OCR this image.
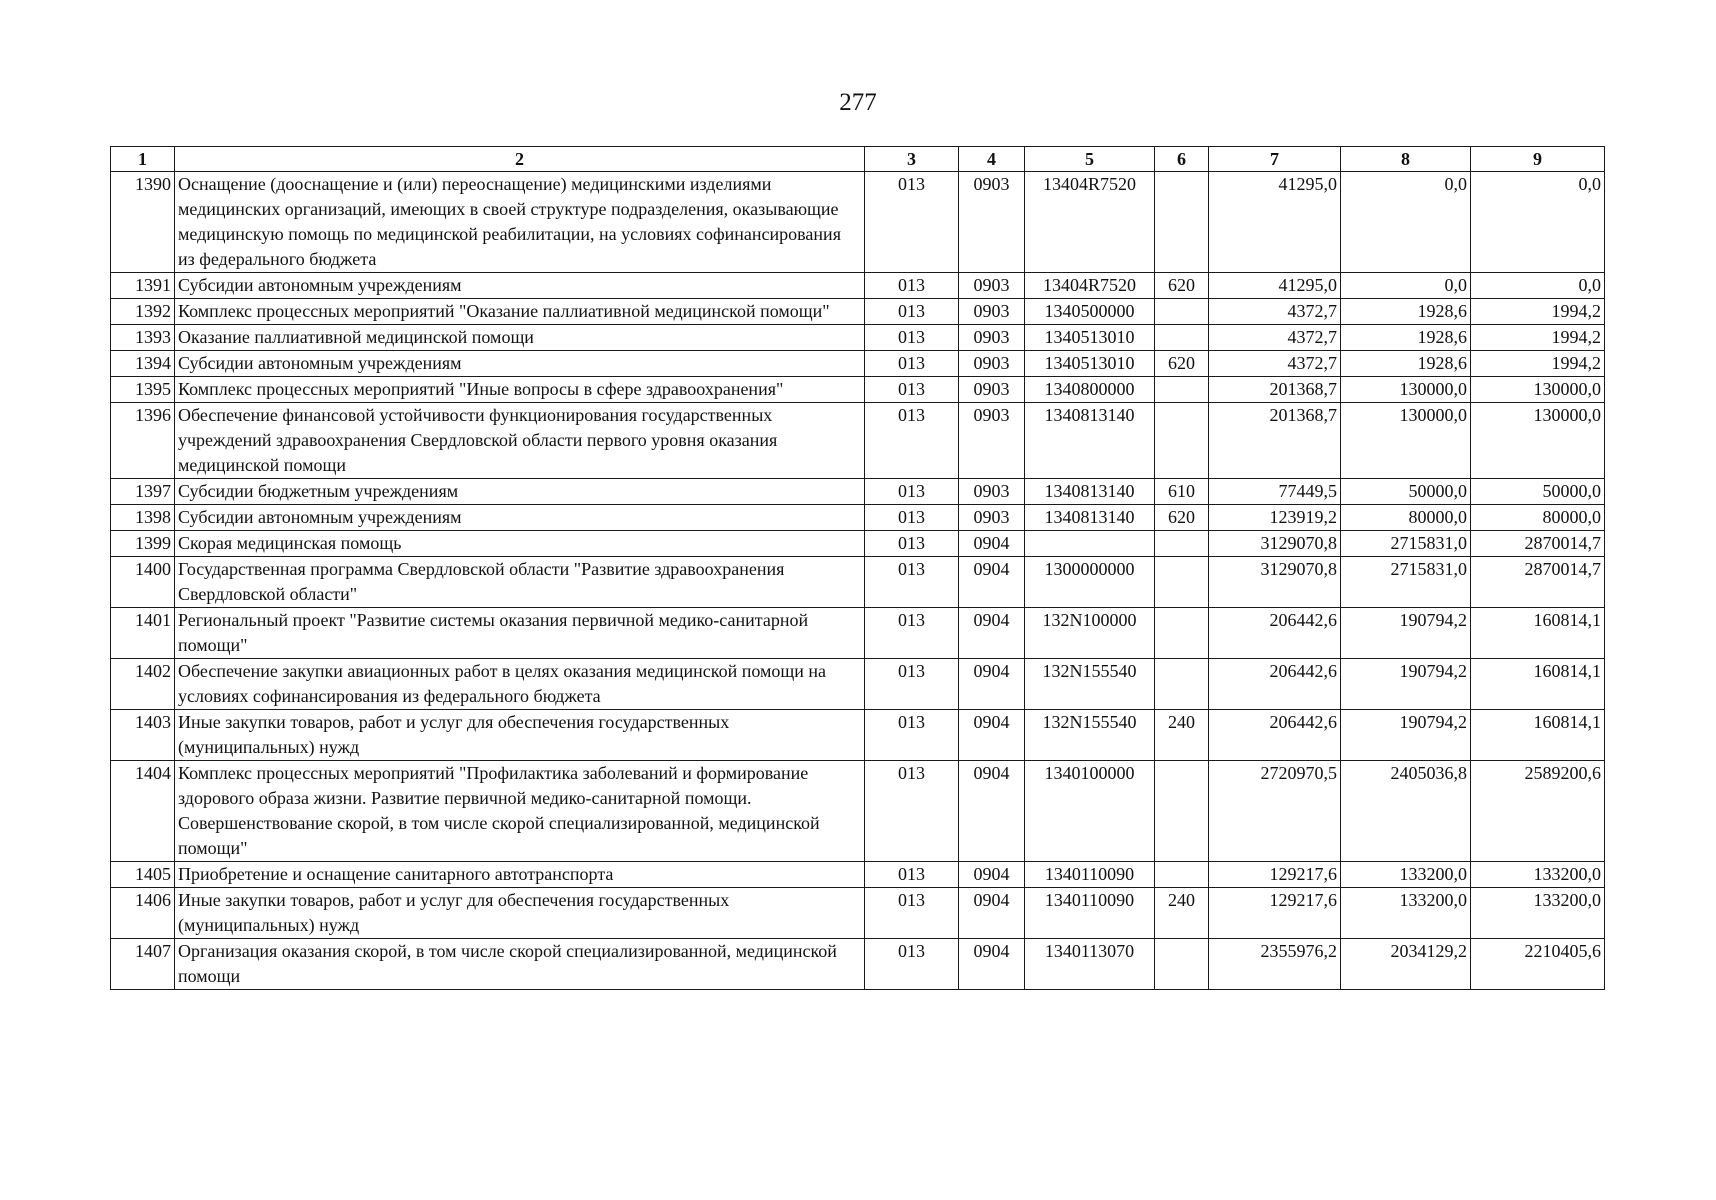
277
1	2	3	4	5	6	7	8	9
1390	Оснащение (дооснащение и (или) переоснащение) медицинскими изделиями медицинских организаций, имеющих в своей структуре подразделения, оказывающие медицинскую помощь по медицинской реабилитации, на условиях софинансирования из федерального бюджета	013	0903	13404R7520		41295,0	0,0	0,0
1391	Субсидии автономным учреждениям	013	0903	13404R7520	620	41295,0	0,0	0,0
1392	Комплекс процессных мероприятий "Оказание паллиативной медицинской помощи"	013	0903	1340500000		4372,7	1928,6	1994,2
1393	Оказание паллиативной медицинской помощи	013	0903	1340513010		4372,7	1928,6	1994,2
1394	Субсидии автономным учреждениям	013	0903	1340513010	620	4372,7	1928,6	1994,2
1395	Комплекс процессных мероприятий "Иные вопросы в сфере здравоохранения"	013	0903	1340800000		201368,7	130000,0	130000,0
1396	Обеспечение финансовой устойчивости функционирования государственных учреждений здравоохранения Свердловской области первого уровня оказания медицинской помощи	013	0903	1340813140		201368,7	130000,0	130000,0
1397	Субсидии бюджетным учреждениям	013	0903	1340813140	610	77449,5	50000,0	50000,0
1398	Субсидии автономным учреждениям	013	0903	1340813140	620	123919,2	80000,0	80000,0
1399	Скорая медицинская помощь	013	0904			3129070,8	2715831,0	2870014,7
1400	Государственная программа Свердловской области "Развитие здравоохранения Свердловской области"	013	0904	1300000000		3129070,8	2715831,0	2870014,7
1401	Региональный проект "Развитие системы оказания первичной медико-санитарной помощи"	013	0904	132N100000		206442,6	190794,2	160814,1
1402	Обеспечение закупки авиационных работ в целях оказания медицинской помощи на условиях софинансирования из федерального бюджета	013	0904	132N155540		206442,6	190794,2	160814,1
1403	Иные закупки товаров, работ и услуг для обеспечения государственных (муниципальных) нужд	013	0904	132N155540	240	206442,6	190794,2	160814,1
1404	Комплекс процессных мероприятий "Профилактика заболеваний и формирование здорового образа жизни. Развитие первичной медико-санитарной помощи. Совершенствование скорой, в том числе скорой специализированной, медицинской помощи"	013	0904	1340100000		2720970,5	2405036,8	2589200,6
1405	Приобретение и оснащение санитарного автотранспорта	013	0904	1340110090		129217,6	133200,0	133200,0
1406	Иные закупки товаров, работ и услуг для обеспечения государственных (муниципальных) нужд	013	0904	1340110090	240	129217,6	133200,0	133200,0
1407	Организация оказания скорой, в том числе скорой специализированной, медицинской помощи	013	0904	1340113070		2355976,2	2034129,2	2210405,6
